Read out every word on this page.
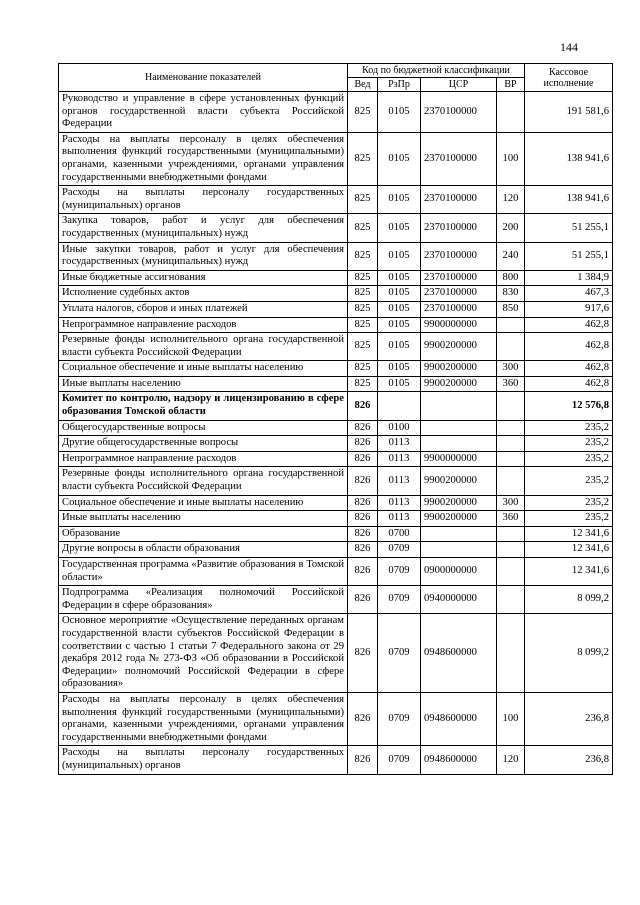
144
Наименование показателей	Код по бюджетной классификации				Кассовое исполнение
	Вед	РзПр	ЦСР	ВР	
Руководство и управление в сфере установленных функций органов государственной власти субъекта Российской Федерации	825	0105	2370100000		191 581,6
Расходы на выплаты персоналу в целях обеспечения выполнения функций государственными (муниципальными) органами, казенными учреждениями, органами управления государственными внебюджетными фондами	825	0105	2370100000	100	138 941,6
Расходы на выплаты персоналу государственных (муниципальных) органов	825	0105	2370100000	120	138 941,6
Закупка товаров, работ и услуг для обеспечения государственных (муниципальных) нужд	825	0105	2370100000	200	51 255,1
Иные закупки товаров, работ и услуг для обеспечения государственных (муниципальных) нужд	825	0105	2370100000	240	51 255,1
Иные бюджетные ассигнования	825	0105	2370100000	800	1 384,9
Исполнение судебных актов	825	0105	2370100000	830	467,3
Уплата налогов, сборов и иных платежей	825	0105	2370100000	850	917,6
Непрограммное направление расходов	825	0105	9900000000		462,8
Резервные фонды исполнительного органа государственной власти субъекта Российской Федерации	825	0105	9900200000		462,8
Социальное обеспечение и иные выплаты населению	825	0105	9900200000	300	462,8
Иные выплаты населению	825	0105	9900200000	360	462,8
Комитет по контролю, надзору и лицензированию в сфере образования Томской области	826				12 576,8
Общегосударственные вопросы	826	0100			235,2
Другие общегосударственные вопросы	826	0113			235,2
Непрограммное направление расходов	826	0113	9900000000		235,2
Резервные фонды исполнительного органа государственной власти субъекта Российской Федерации	826	0113	9900200000		235,2
Социальное обеспечение и иные выплаты населению	826	0113	9900200000	300	235,2
Иные выплаты населению	826	0113	9900200000	360	235,2
Образование	826	0700			12 341,6
Другие вопросы в области образования	826	0709			12 341,6
Государственная программа «Развитие образования в Томской области»	826	0709	0900000000		12 341,6
Подпрограмма «Реализация полномочий Российской Федерации в сфере образования»	826	0709	0940000000		8 099,2
Основное мероприятие «Осуществление переданных органам государственной власти субъектов Российской Федерации в соответствии с частью 1 статьи 7 Федерального закона от 29 декабря 2012 года № 273-ФЗ «Об образовании в Российской Федерации» полномочий Российской Федерации в сфере образования»	826	0709	0948600000		8 099,2
Расходы на выплаты персоналу в целях обеспечения выполнения функций государственными (муниципальными) органами, казенными учреждениями, органами управления государственными внебюджетными фондами	826	0709	0948600000	100	236,8
Расходы на выплаты персоналу государственных (муниципальных) органов	826	0709	0948600000	120	236,8
